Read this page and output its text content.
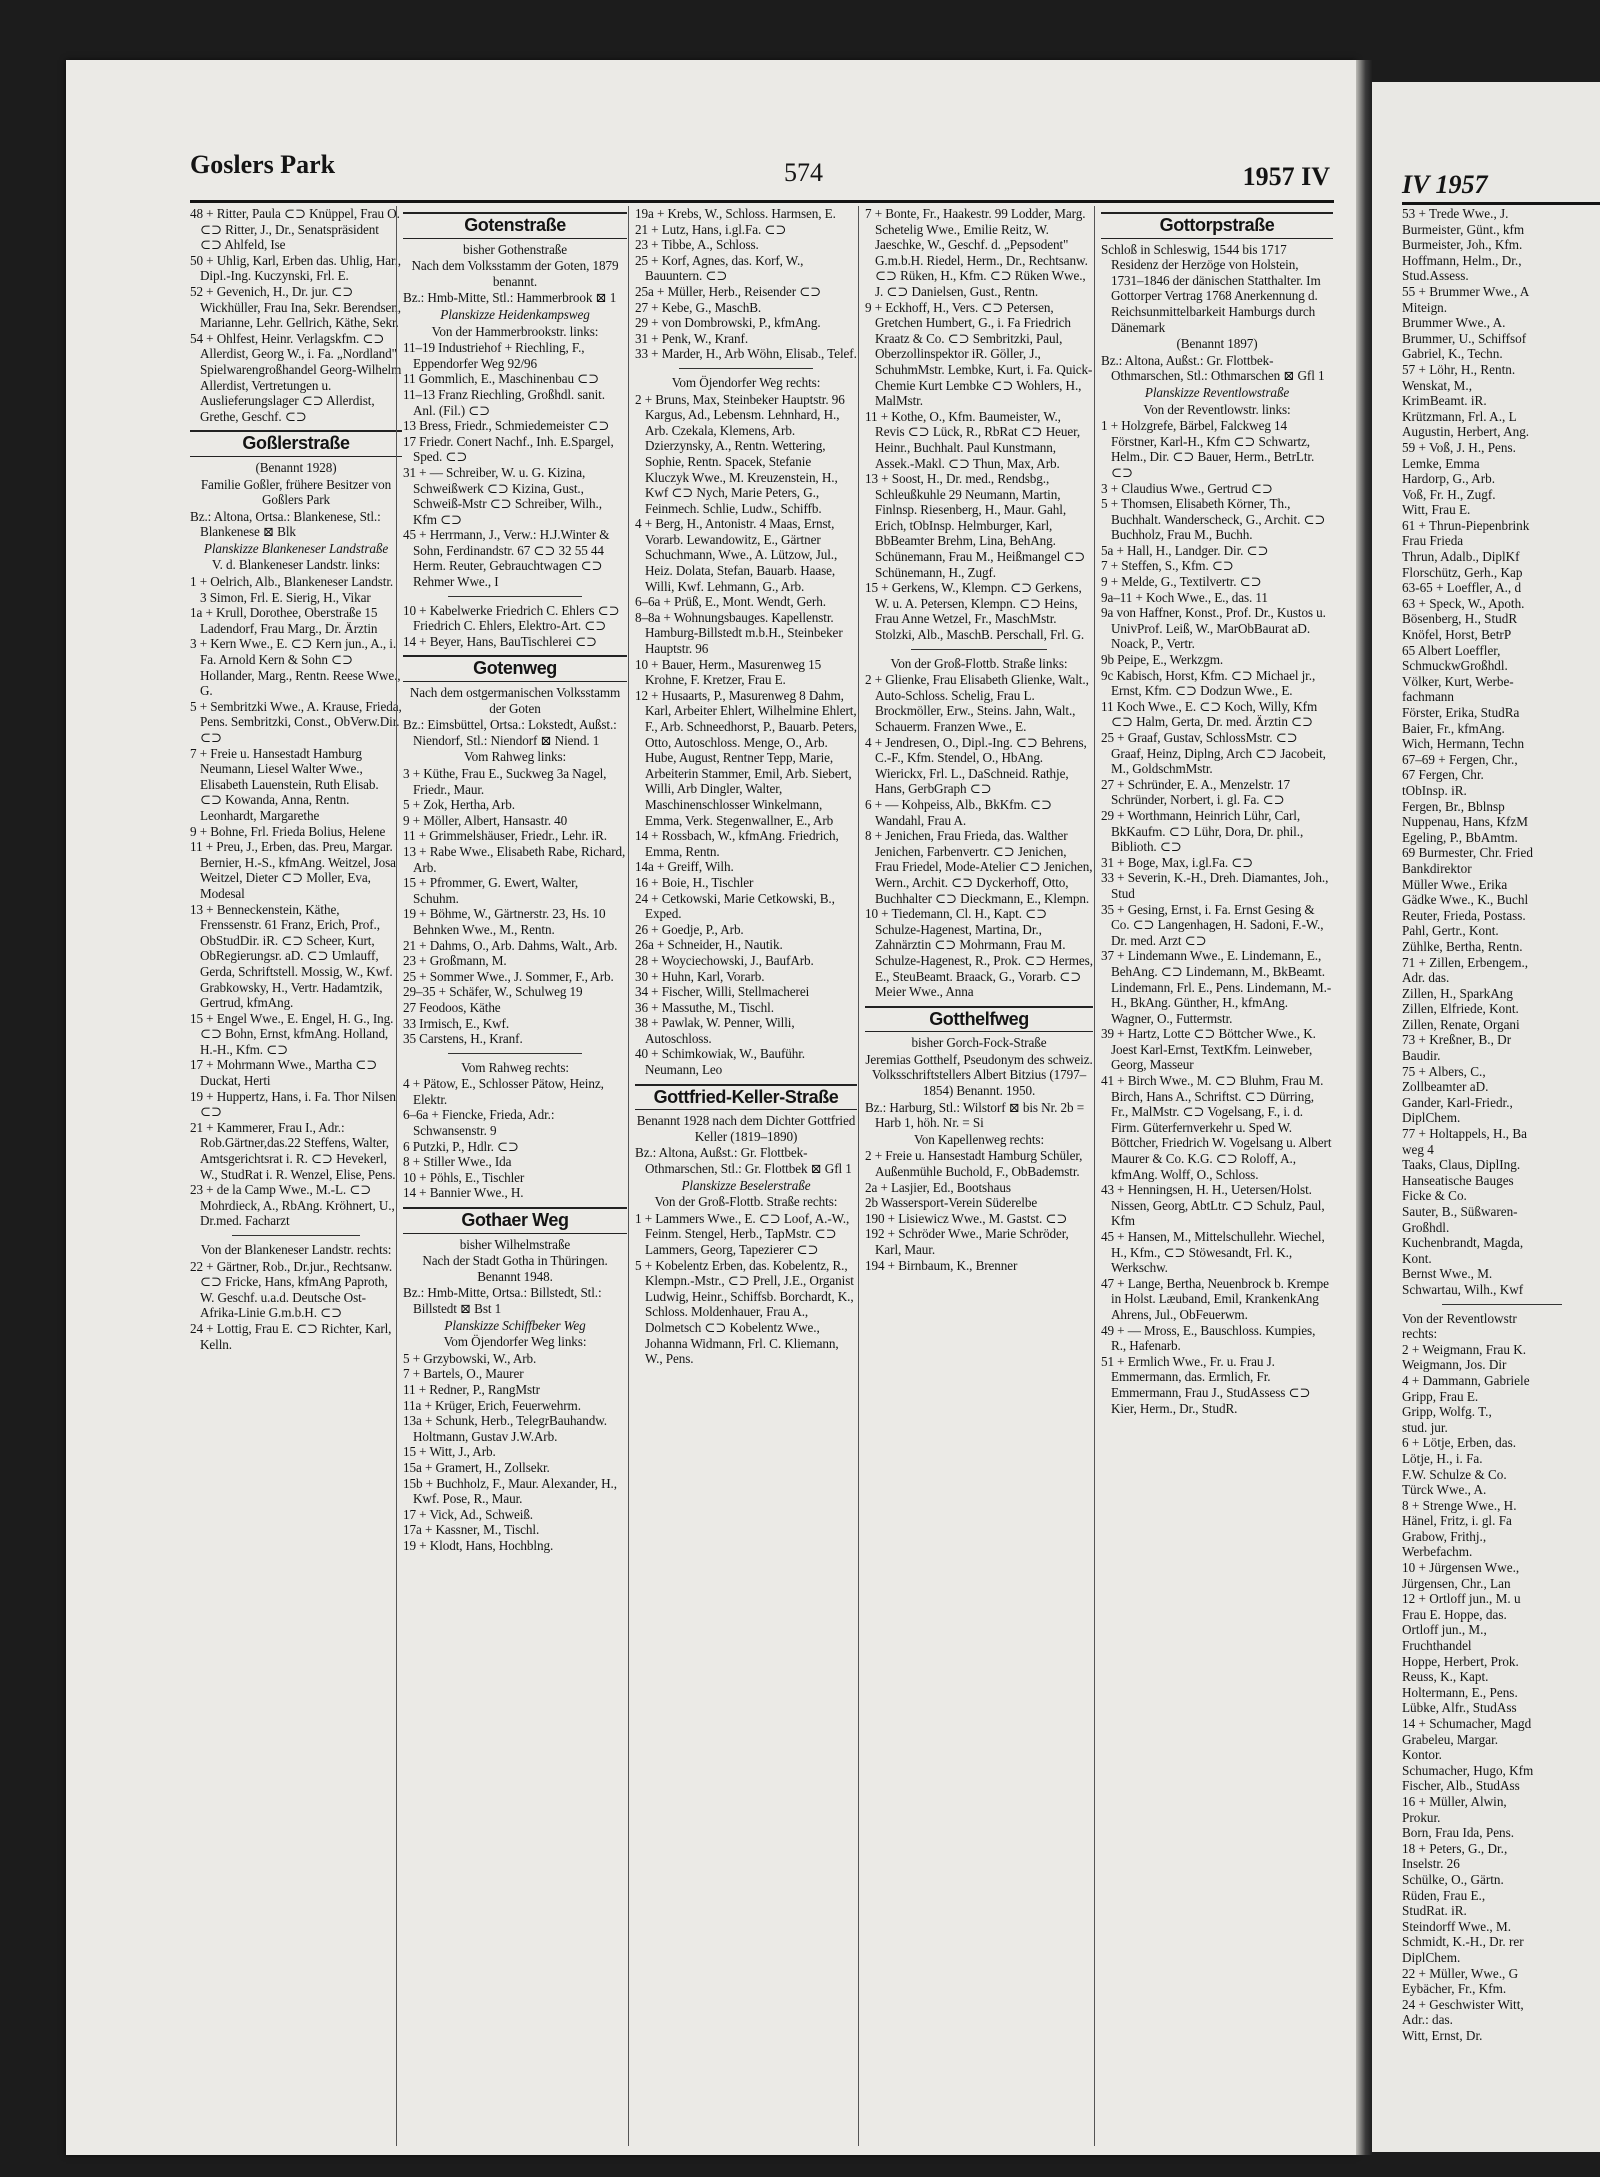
IV 1957
53 + Trede Wwe., J.
Burmeister, Günt., kfm
Burmeister, Joh., Kfm.
Hoffmann, Helm., Dr.,
Stud.Assess.
55 + Brummer Wwe., A
Miteign.
Brummer Wwe., A.
Brummer, U., Schiffsof
Gabriel, K., Techn.
57 + Löhr, H., Rentn.
Wenskat, M.,
KrimBeamt. iR.
Krützmann, Frl. A., L
Augustin, Herbert, Ang.
59 + Voß, J. H., Pens.
Lemke, Emma
Hardorp, G., Arb.
Voß, Fr. H., Zugf.
Witt, Frau E.
61 + Thrun-Piepenbrink
Frau Frieda
Thrun, Adalb., DiplKf
Florschütz, Gerh., Kap
63-65 + Loeffler, A., d
63 + Speck, W., Apoth.
Bösenberg, H., StudR
Knöfel, Horst, BetrP
65 Albert Loeffler,
SchmuckwGroßhdl.
Völker, Kurt, Werbe-
fachmann
Förster, Erika, StudRa
Baier, Fr., kfmAng.
Wich, Hermann, Techn
67–69 + Fergen, Chr.,
67 Fergen, Chr.
tObInsp. iR.
Fergen, Br., Bblnsp
Nuppenau, Hans, KfzM
Egeling, P., BbAmtm.
69 Burmester, Chr. Fried
Bankdirektor
Müller Wwe., Erika
Gädke Wwe., K., Buchl
Reuter, Frieda, Postass.
Pahl, Gertr., Kont.
Zühlke, Bertha, Rentn.
71 + Zillen, Erbengem.,
Adr. das.
Zillen, H., SparkAng
Zillen, Elfriede, Kont.
Zillen, Renate, Organi
73 + Kreßner, B., Dr
Baudir.
75 + Albers, C.,
Zollbeamter aD.
Gander, Karl-Friedr.,
DiplChem.
77 + Holtappels, H., Ba
weg 4
Taaks, Claus, DiplIng.
Hanseatische Bauges
Ficke & Co.
Sauter, B., Süßwaren-
Großhdl.
Kuchenbrandt, Magda,
Kont.
Bernst Wwe., M.
Schwartau, Wilh., Kwf
Von der Reventlowstr
rechts:
2 + Weigmann, Frau K.
Weigmann, Jos. Dir
4 + Dammann, Gabriele
Gripp, Frau E.
Gripp, Wolfg. T.,
stud. jur.
6 + Lötje, Erben, das.
Lötje, H., i. Fa.
F.W. Schulze & Co.
Türck Wwe., A.
8 + Strenge Wwe., H.
Hänel, Fritz, i. gl. Fa
Grabow, Frithj.,
Werbefachm.
10 + Jürgensen Wwe.,
Jürgensen, Chr., Lan
12 + Ortloff jun., M. u
Frau E. Hoppe, das.
Ortloff jun., M.,
Fruchthandel
Hoppe, Herbert, Prok.
Reuss, K., Kapt.
Holtermann, E., Pens.
Lübke, Alfr., StudAss
14 + Schumacher, Magd
Grabeleu, Margar.
Kontor.
Schumacher, Hugo, Kfm
Fischer, Alb., StudAss
16 + Müller, Alwin,
Prokur.
Born, Frau Ida, Pens.
18 + Peters, G., Dr.,
Inselstr. 26
Schülke, O., Gärtn.
Rüden, Frau E.,
StudRat. iR.
Steindorff Wwe., M.
Schmidt, K.-H., Dr. rer
DiplChem.
22 + Müller, Wwe., G
Eybächer, Fr., Kfm.
24 + Geschwister Witt,
Adr.: das.
Witt, Ernst, Dr.
Goslers Park	574	1957 IV
48 + Ritter, Paula ⊂⊃ Knüppel, Frau O. ⊂⊃ Ritter, J., Dr., Senatspräsident ⊂⊃ Ahlfeld, Ise
50 + Uhlig, Karl, Erben das. Uhlig, Har., Dipl.-Ing. Kuczynski, Frl. E.
52 + Gevenich, H., Dr. jur. ⊂⊃ Wickhüller, Frau Ina, Sekr. Berendsen, Marianne, Lehr. Gellrich, Käthe, Sekr.
54 + Ohlfest, Heinr. Verlagskfm. ⊂⊃ Allerdist, Georg W., i. Fa. „Nordland" Spielwarengroßhandel Georg-Wilhelm Allerdist, Vertretungen u. Auslieferungslager ⊂⊃ Allerdist, Grethe, Geschf. ⊂⊃
Goßlerstraße
(Benannt 1928)
Familie Goßler, frühere Besitzer von Goßlers Park
Bz.: Altona, Ortsa.: Blankenese, Stl.: Blankenese ⊠ Blk
Planskizze Blankeneser Landstraße
V. d. Blankeneser Landstr. links:
1 + Oelrich, Alb., Blankeneser Landstr. 3 Simon, Frl. E. Sierig, H., Vikar
1a + Krull, Dorothee, Oberstraße 15 Ladendorf, Frau Marg., Dr. Ärztin
3 + Kern Wwe., E. ⊂⊃ Kern jun., A., i. Fa. Arnold Kern & Sohn ⊂⊃ Hollander, Marg., Rentn. Reese Wwe., G.
5 + Sembritzki Wwe., A. Krause, Frieda, Pens. Sembritzki, Const., ObVerw.Dir. ⊂⊃
7 + Freie u. Hansestadt Hamburg Neumann, Liesel Walter Wwe., Elisabeth Lauenstein, Ruth Elisab. ⊂⊃ Kowanda, Anna, Rentn. Leonhardt, Margarethe
9 + Bohne, Frl. Frieda Bolius, Helene
11 + Preu, J., Erben, das. Preu, Margar. Bernier, H.-S., kfmAng. Weitzel, Josa Weitzel, Dieter ⊂⊃ Moller, Eva, Modesal
13 + Benneckenstein, Käthe, Frenssenstr. 61 Franz, Erich, Prof., ObStudDir. iR. ⊂⊃ Scheer, Kurt, ObRegierungsr. aD. ⊂⊃ Umlauff, Gerda, Schriftstell. Mossig, W., Kwf. Grabkowsky, H., Vertr. Hadamtzik, Gertrud, kfmAng.
15 + Engel Wwe., E. Engel, H. G., Ing. ⊂⊃ Bohn, Ernst, kfmAng. Holland, H.-H., Kfm. ⊂⊃
17 + Mohrmann Wwe., Martha ⊂⊃ Duckat, Herti
19 + Huppertz, Hans, i. Fa. Thor Nilsen ⊂⊃
21 + Kammerer, Frau I., Adr.: Rob.Gärtner,das.22 Steffens, Walter, Amtsgerichtsrat i. R. ⊂⊃ Hevekerl, W., StudRat i. R. Wenzel, Elise, Pens.
23 + de la Camp Wwe., M.-L. ⊂⊃ Mohrdieck, A., RbAng. Kröhnert, U., Dr.med. Facharzt
Von der Blankeneser Landstr. rechts:
22 + Gärtner, Rob., Dr.jur., Rechtsanw. ⊂⊃ Fricke, Hans, kfmAng Paproth, W. Geschf. u.a.d. Deutsche Ost-Afrika-Linie G.m.b.H. ⊂⊃
24 + Lottig, Frau E. ⊂⊃ Richter, Karl, Kelln.
Gotenstraße
bisher Gothenstraße
Nach dem Volksstamm der Goten, 1879 benannt.
Bz.: Hmb-Mitte, Stl.: Hammerbrook ⊠ 1
Planskizze Heidenkampsweg
Von der Hammerbrookstr. links:
11–19 Industriehof + Riechling, F., Eppendorfer Weg 92/96
11 Gommlich, E., Maschinenbau ⊂⊃
11–13 Franz Riechling, Großhdl. sanit. Anl. (Fil.) ⊂⊃
13 Bress, Friedr., Schmiedemeister ⊂⊃
17 Friedr. Conert Nachf., Inh. E.Spargel, Sped. ⊂⊃
31 + — Schreiber, W. u. G. Kizina, Schweißwerk ⊂⊃ Kizina, Gust., Schweiß-Mstr ⊂⊃ Schreiber, Wilh., Kfm ⊂⊃
45 + Herrmann, J., Verw.: H.J.Winter & Sohn, Ferdinandstr. 67 ⊂⊃ 32 55 44 Herm. Reuter, Gebrauchtwagen ⊂⊃ Rehmer Wwe., I
10 + Kabelwerke Friedrich C. Ehlers ⊂⊃ Friedrich C. Ehlers, Elektro-Art. ⊂⊃
14 + Beyer, Hans, BauTischlerei ⊂⊃
Gotenweg
Nach dem ostgermanischen Volksstamm der Goten
Bz.: Eimsbüttel, Ortsa.: Lokstedt, Außst.: Niendorf, Stl.: Niendorf ⊠ Niend. 1
Vom Rahweg links:
3 + Küthe, Frau E., Suckweg 3a Nagel, Friedr., Maur.
5 + Zok, Hertha, Arb.
9 + Möller, Albert, Hansastr. 40
11 + Grimmelshäuser, Friedr., Lehr. iR.
13 + Rabe Wwe., Elisabeth Rabe, Richard, Arb.
15 + Pfrommer, G. Ewert, Walter, Schuhm.
19 + Böhme, W., Gärtnerstr. 23, Hs. 10 Behnken Wwe., M., Rentn.
21 + Dahms, O., Arb. Dahms, Walt., Arb.
23 + Großmann, M.
25 + Sommer Wwe., J. Sommer, F., Arb.
29–35 + Schäfer, W., Schulweg 19
27 Feodoos, Käthe
33 Irmisch, E., Kwf.
35 Carstens, H., Kranf.
Vom Rahweg rechts:
4 + Pätow, E., Schlosser Pätow, Heinz, Elektr.
6–6a + Fiencke, Frieda, Adr.: Schwansenstr. 9
6 Putzki, P., Hdlr. ⊂⊃
8 + Stiller Wwe., Ida
10 + Pöhls, E., Tischler
14 + Bannier Wwe., H.
Gothaer Weg
bisher Wilhelmstraße
Nach der Stadt Gotha in Thüringen. Benannt 1948.
Bz.: Hmb-Mitte, Ortsa.: Billstedt, Stl.: Billstedt ⊠ Bst 1
Planskizze Schiffbeker Weg
Vom Öjendorfer Weg links:
5 + Grzybowski, W., Arb.
7 + Bartels, O., Maurer
11 + Redner, P., RangMstr
11a + Krüger, Erich, Feuerwehrm.
13a + Schunk, Herb., TelegrBauhandw. Holtmann, Gustav J.W.Arb.
15 + Witt, J., Arb.
15a + Gramert, H., Zollsekr.
15b + Buchholz, F., Maur. Alexander, H., Kwf. Pose, R., Maur.
17 + Vick, Ad., Schweiß.
17a + Kassner, M., Tischl.
19 + Klodt, Hans, Hochblng.
19a + Krebs, W., Schloss. Harmsen, E.
21 + Lutz, Hans, i.gl.Fa. ⊂⊃
23 + Tibbe, A., Schloss.
25 + Korf, Agnes, das. Korf, W., Bauuntern. ⊂⊃
25a + Müller, Herb., Reisender ⊂⊃
27 + Kebe, G., MaschB.
29 + von Dombrowski, P., kfmAng.
31 + Penk, W., Kranf.
33 + Marder, H., Arb Wöhn, Elisab., Telef.
Vom Öjendorfer Weg rechts:
2 + Bruns, Max, Steinbeker Hauptstr. 96 Kargus, Ad., Lebensm. Lehnhard, H., Arb. Czekala, Klemens, Arb. Dzierzynsky, A., Rentn. Wettering, Sophie, Rentn. Spacek, Stefanie Kluczyk Wwe., M. Kreuzenstein, H., Kwf ⊂⊃ Nych, Marie Peters, G., Feinmech. Schlie, Ludw., Schiffb.
4 + Berg, H., Antonistr. 4 Maas, Ernst, Vorarb. Lewandowitz, E., Gärtner Schuchmann, Wwe., A. Lützow, Jul., Heiz. Dolata, Stefan, Bauarb. Haase, Willi, Kwf. Lehmann, G., Arb.
6–6a + Prüß, E., Mont. Wendt, Gerh.
8–8a + Wohnungsbauges. Kapellenstr. Hamburg-Billstedt m.b.H., Steinbeker Hauptstr. 96
10 + Bauer, Herm., Masurenweg 15 Krohne, F. Kretzer, Frau E.
12 + Husaarts, P., Masurenweg 8 Dahm, Karl, Arbeiter Ehlert, Wilhelmine Ehlert, F., Arb. Schneedhorst, P., Bauarb. Peters, Otto, Autoschloss. Menge, O., Arb. Hube, August, Rentner Tepp, Marie, Arbeiterin Stammer, Emil, Arb. Siebert, Willi, Arb Dingler, Walter, Maschinenschlosser Winkelmann, Emma, Verk. Stegenwallner, E., Arb
14 + Rossbach, W., kfmAng. Friedrich, Emma, Rentn.
14a + Greiff, Wilh.
16 + Boie, H., Tischler
24 + Cetkowski, Marie Cetkowski, B., Exped.
26 + Goedje, P., Arb.
26a + Schneider, H., Nautik.
28 + Woyciechowski, J., BaufArb.
30 + Huhn, Karl, Vorarb.
34 + Fischer, Willi, Stellmacherei
36 + Massuthe, M., Tischl.
38 + Pawlak, W. Penner, Willi, Autoschloss.
40 + Schimkowiak, W., Bauführ. Neumann, Leo
Gottfried-Keller-Straße
Benannt 1928 nach dem Dichter Gottfried Keller (1819–1890)
Bz.: Altona, Außst.: Gr. Flottbek-Othmarschen, Stl.: Gr. Flottbek ⊠ Gfl 1
Planskizze Beselerstraße
Von der Groß-Flottb. Straße rechts:
1 + Lammers Wwe., E. ⊂⊃ Loof, A.-W., Feinm. Stengel, Herb., TapMstr. ⊂⊃ Lammers, Georg, Tapezierer ⊂⊃
5 + Kobelentz Erben, das. Kobelentz, R., Klempn.-Mstr., ⊂⊃ Prell, J.E., Organist Ludwig, Heinr., Schiffsb. Borchardt, K., Schloss. Moldenhauer, Frau A., Dolmetsch ⊂⊃ Kobelentz Wwe., Johanna Widmann, Frl. C. Kliemann, W., Pens.
7 + Bonte, Fr., Haakestr. 99 Lodder, Marg. Schetelig Wwe., Emilie Reitz, W. Jaeschke, W., Geschf. d. „Pepsodent" G.m.b.H. Riedel, Herm., Dr., Rechtsanw. ⊂⊃ Rüken, H., Kfm. ⊂⊃ Rüken Wwe., J. ⊂⊃ Danielsen, Gust., Rentn.
9 + Eckhoff, H., Vers. ⊂⊃ Petersen, Gretchen Humbert, G., i. Fa Friedrich Kraatz & Co. ⊂⊃ Sembritzki, Paul, Oberzollinspektor iR. Göller, J., SchuhmMstr. Lembke, Kurt, i. Fa. Quick-Chemie Kurt Lembke ⊂⊃ Wohlers, H., MalMstr.
11 + Kothe, O., Kfm. Baumeister, W., Revis ⊂⊃ Lück, R., RbRat ⊂⊃ Heuer, Heinr., Buchhalt. Paul Kunstmann, Assek.-Makl. ⊂⊃ Thun, Max, Arb.
13 + Soost, H., Dr. med., Rendsbg., Schleußkuhle 29 Neumann, Martin, Finlnsp. Riesenberg, H., Maur. Gahl, Erich, tObInsp. Helmburger, Karl, BbBeamter Brehm, Lina, BehAng. Schünemann, Frau M., Heißmangel ⊂⊃ Schünemann, H., Zugf.
15 + Gerkens, W., Klempn. ⊂⊃ Gerkens, W. u. A. Petersen, Klempn. ⊂⊃ Heins, Frau Anne Wetzel, Fr., MaschMstr. Stolzki, Alb., MaschB. Perschall, Frl. G.
Von der Groß-Flottb. Straße links:
2 + Glienke, Frau Elisabeth Glienke, Walt., Auto-Schloss. Schelig, Frau L. Brockmöller, Erw., Steins. Jahn, Walt., Schauerm. Franzen Wwe., E.
4 + Jendresen, O., Dipl.-Ing. ⊂⊃ Behrens, C.-F., Kfm. Stendel, O., HbAng. Wierickx, Frl. L., DaSchneid. Rathje, Hans, GerbGraph ⊂⊃
6 + — Kohpeiss, Alb., BkKfm. ⊂⊃ Wandahl, Frau A.
8 + Jenichen, Frau Frieda, das. Walther Jenichen, Farbenvertr. ⊂⊃ Jenichen, Frau Friedel, Mode-Atelier ⊂⊃ Jenichen, Wern., Archit. ⊂⊃ Dyckerhoff, Otto, Buchhalter ⊂⊃ Dieckmann, E., Klempn.
10 + Tiedemann, Cl. H., Kapt. ⊂⊃ Schulze-Hagenest, Martina, Dr., Zahnärztin ⊂⊃ Mohrmann, Frau M. Schulze-Hagenest, R., Prok. ⊂⊃ Hermes, E., SteuBeamt. Braack, G., Vorarb. ⊂⊃ Meier Wwe., Anna
Gotthelfweg
bisher Gorch-Fock-Straße
Jeremias Gotthelf, Pseudonym des schweiz. Volksschriftstellers Albert Bitzius (1797–1854) Benannt. 1950.
Bz.: Harburg, Stl.: Wilstorf ⊠ bis Nr. 2b = Harb 1, höh. Nr. = Si
Von Kapellenweg rechts:
2 + Freie u. Hansestadt Hamburg Schüler, Außenmühle Buchold, F., ObBademstr.
2a + Lasjier, Ed., Bootshaus
2b Wassersport-Verein Süderelbe
190 + Lisiewicz Wwe., M. Gastst. ⊂⊃
192 + Schröder Wwe., Marie Schröder, Karl, Maur.
194 + Birnbaum, K., Brenner
Gottorpstraße
Schloß in Schleswig, 1544 bis 1717 Residenz der Herzöge von Holstein, 1731–1846 der dänischen Statthalter. Im Gottorper Vertrag 1768 Anerkennung d. Reichsunmittelbarkeit Hamburgs durch Dänemark
(Benannt 1897)
Bz.: Altona, Außst.: Gr. Flottbek-Othmarschen, Stl.: Othmarschen ⊠ Gfl 1
Planskizze Reventlowstraße
Von der Reventlowstr. links:
1 + Holzgrefe, Bärbel, Falckweg 14 Förstner, Karl-H., Kfm ⊂⊃ Schwartz, Helm., Dir. ⊂⊃ Bauer, Herm., BetrLtr. ⊂⊃
3 + Claudius Wwe., Gertrud ⊂⊃
5 + Thomsen, Elisabeth Körner, Th., Buchhalt. Wanderscheck, G., Archit. ⊂⊃ Buchholz, Frau M., Buchh.
5a + Hall, H., Landger. Dir. ⊂⊃
7 + Steffen, S., Kfm. ⊂⊃
9 + Melde, G., Textilvertr. ⊂⊃
9a–11 + Koch Wwe., E., das. 11
9a von Haffner, Konst., Prof. Dr., Kustos u. UnivProf. Leiß, W., MarObBaurat aD. Noack, P., Vertr.
9b Peipe, E., Werkzgm.
9c Kabisch, Horst, Kfm. ⊂⊃ Michael jr., Ernst, Kfm. ⊂⊃ Dodzun Wwe., E.
11 Koch Wwe., E. ⊂⊃ Koch, Willy, Kfm ⊂⊃ Halm, Gerta, Dr. med. Ärztin ⊂⊃
25 + Graaf, Gustav, SchlossMstr. ⊂⊃ Graaf, Heinz, Diplng, Arch ⊂⊃ Jacobeit, M., GoldschmMstr.
27 + Schründer, E. A., Menzelstr. 17 Schründer, Norbert, i. gl. Fa. ⊂⊃
29 + Worthmann, Heinrich Lühr, Carl, BkKaufm. ⊂⊃ Lühr, Dora, Dr. phil., Biblioth. ⊂⊃
31 + Boge, Max, i.gl.Fa. ⊂⊃
33 + Severin, K.-H., Dreh. Diamantes, Joh., Stud
35 + Gesing, Ernst, i. Fa. Ernst Gesing & Co. ⊂⊃ Langenhagen, H. Sadoni, F.-W., Dr. med. Arzt ⊂⊃
37 + Lindemann Wwe., E. Lindemann, E., BehAng. ⊂⊃ Lindemann, M., BkBeamt. Lindemann, Frl. E., Pens. Lindemann, M.-H., BkAng. Günther, H., kfmAng. Wagner, O., Futtermstr.
39 + Hartz, Lotte ⊂⊃ Böttcher Wwe., K. Joest Karl-Ernst, TextKfm. Leinweber, Georg, Masseur
41 + Birch Wwe., M. ⊂⊃ Bluhm, Frau M. Birch, Hans A., Schriftst. ⊂⊃ Dürring, Fr., MalMstr. ⊂⊃ Vogelsang, F., i. d. Firm. Güterfernverkehr u. Sped W. Böttcher, Friedrich W. Vogelsang u. Albert Maurer & Co. K.G. ⊂⊃ Roloff, A., kfmAng. Wolff, O., Schloss.
43 + Henningsen, H. H., Uetersen/Holst. Nissen, Georg, AbtLtr. ⊂⊃ Schulz, Paul, Kfm
45 + Hansen, M., Mittelschullehr. Wiechel, H., Kfm., ⊂⊃ Stöwesandt, Frl. K., Werkschw.
47 + Lange, Bertha, Neuenbrock b. Krempe in Holst. Læuband, Emil, KrankenkAng Ahrens, Jul., ObFeuerwm.
49 + — Mross, E., Bauschloss. Kumpies, R., Hafenarb.
51 + Ermlich Wwe., Fr. u. Frau J. Emmermann, das. Ermlich, Fr. Emmermann, Frau J., StudAssess ⊂⊃ Kier, Herm., Dr., StudR.
